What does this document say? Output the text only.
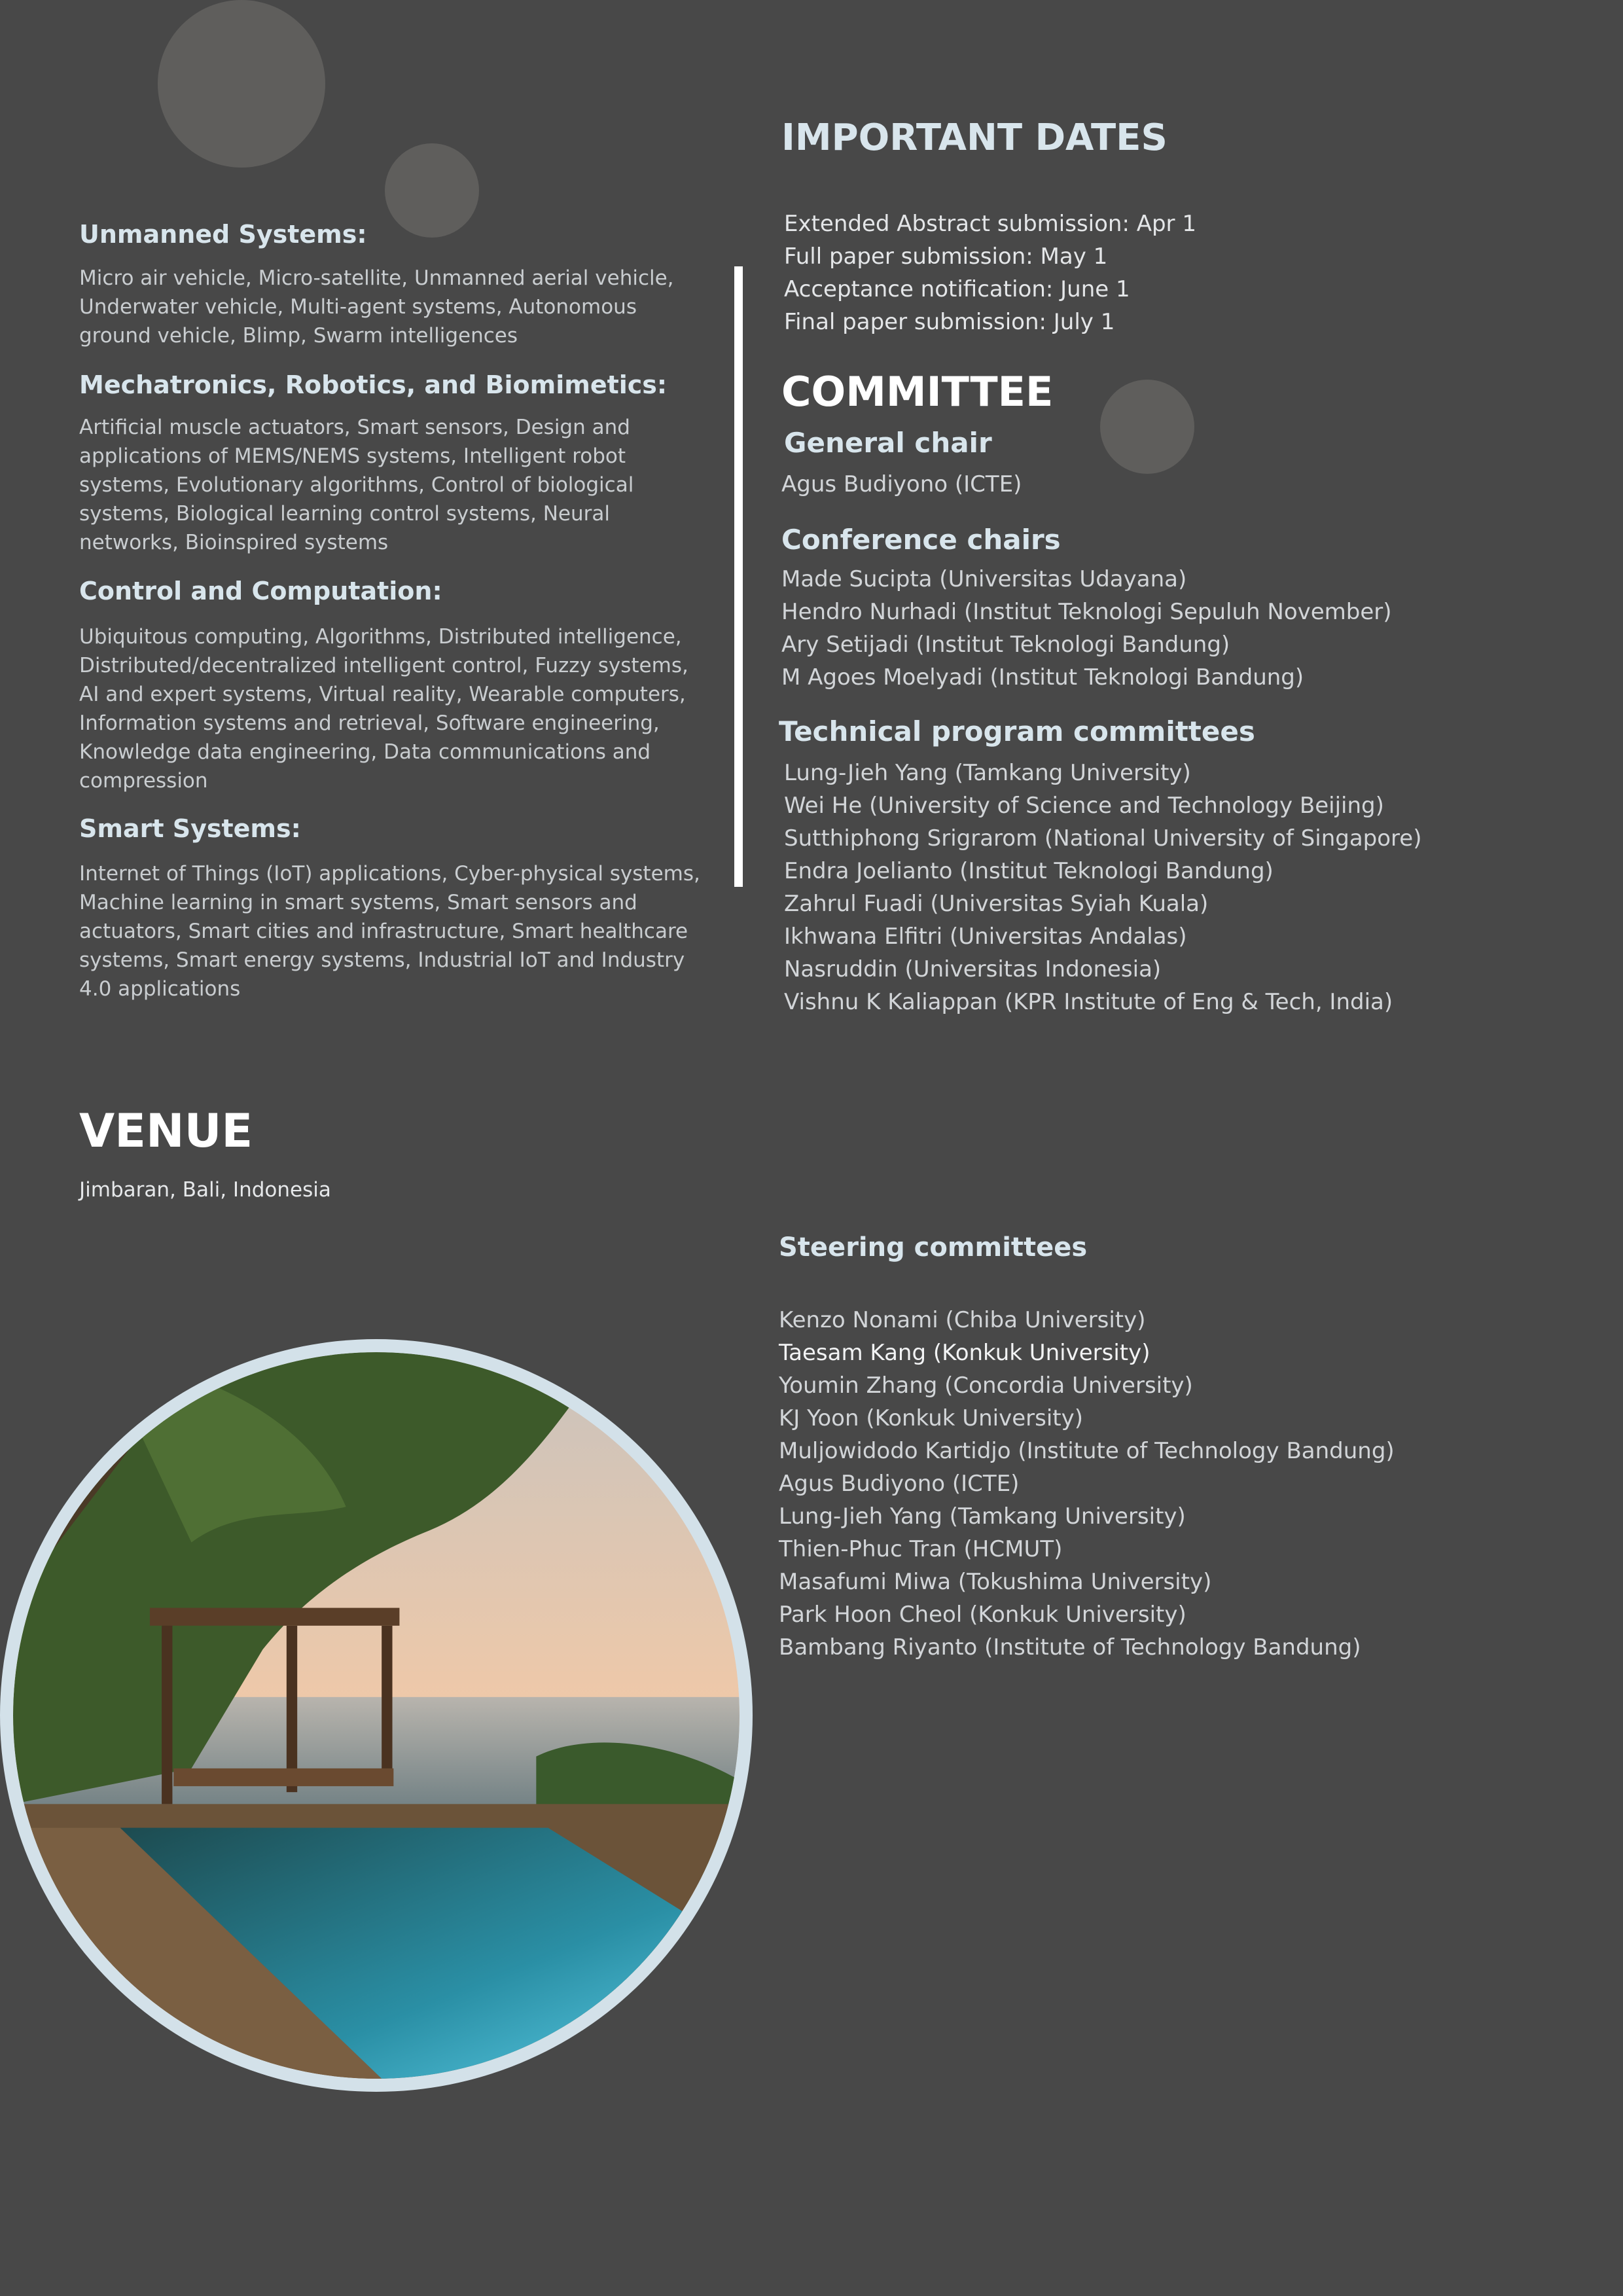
Unmanned Systems:

Micro air vehicle, Micro-satellite, Unmanned aerial vehicle, Underwater vehicle, Multi-agent systems, Autonomous ground vehicle, Blimp, Swarm intelligences

Mechatronics, Robotics, and Biomimetics:

Artificial muscle actuators, Smart sensors, Design and applications of MEMS/NEMS systems, Intelligent robot systems, Evolutionary algorithms, Control of biological systems, Biological learning control systems, Neural networks, Bioinspired systems

Control and Computation:

Ubiquitous computing, Algorithms, Distributed intelligence, Distributed/decentralized intelligent control, Fuzzy systems, AI and expert systems, Virtual reality, Wearable computers, Information systems and retrieval, Software engineering, Knowledge data engineering, Data communications and compression

Smart Systems:

Internet of Things (IoT) applications, Cyber-physical systems, Machine learning in smart systems, Smart sensors and actuators, Smart cities and infrastructure, Smart healthcare systems, Smart energy systems, Industrial IoT and Industry 4.0 applications

IMPORTANT DATES
Extended Abstract submission: Apr 1
Full paper submission: May 1
Acceptance notification: June 1
Final paper submission: July 1
COMMITTEE
General chair
Agus Budiyono (ICTE)
Conference chairs
Made Sucipta (Universitas Udayana)
Hendro Nurhadi (Institut Teknologi Sepuluh November)
Ary Setijadi (Institut Teknologi Bandung)
M Agoes Moelyadi (Institut Teknologi Bandung)
Technical program committees
Lung-Jieh Yang (Tamkang University)
Wei He (University of Science and Technology Beijing)
Sutthiphong Srigrarom (National University of Singapore)
Endra Joelianto (Institut Teknologi Bandung)
Zahrul Fuadi (Universitas Syiah Kuala)
Ikhwana Elfitri (Universitas Andalas)
Nasruddin (Universitas Indonesia)
Vishnu K Kaliappan (KPR Institute of Eng & Tech, India)
Steering committees
Kenzo Nonami (Chiba University)
Taesam Kang (Konkuk University)
Youmin Zhang (Concordia University)
KJ Yoon (Konkuk University)
Muljowidodo Kartidjo (Institute of Technology Bandung)
Agus Budiyono (ICTE)
Lung-Jieh Yang (Tamkang University)
Thien-Phuc Tran (HCMUT)
Masafumi Miwa (Tokushima University)
Park Hoon Cheol (Konkuk University)
Bambang Riyanto (Institute of Technology Bandung)
VENUE

Jimbaran, Bali, Indonesia
